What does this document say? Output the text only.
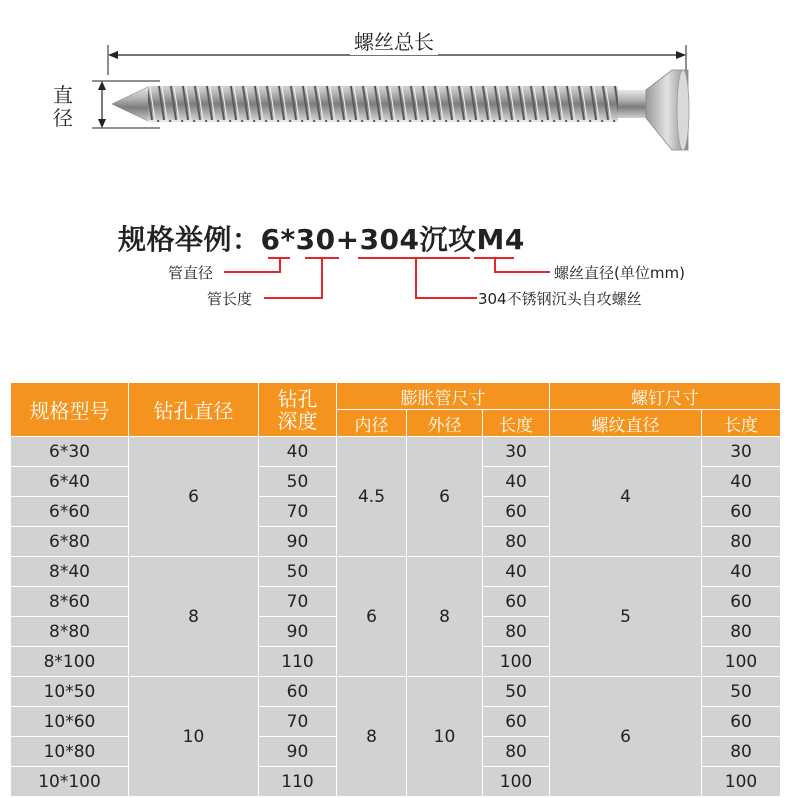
螺丝总长
直径
规格举例：6*30+304沉攻M4
管直径
管长度
螺丝直径(单位mm)
304不锈钢沉头自攻螺丝
规格型号	钻孔直径	钻孔深度	膨胀管尺寸			螺钉尺寸	
			内径	外径	长度	螺纹直径	长度
6*30	6	40	4.5	6	30	4	30
6*40		50			40		40
6*60		70			60		60
6*80		90			80		80
8*40	8	50	6	8	40	5	40
8*60		70			60		60
8*80		90			80		80
8*100		110			100		100
10*50	10	60	8	10	50	6	50
10*60		70			60		60
10*80		90			80		80
10*100		110			100		100
